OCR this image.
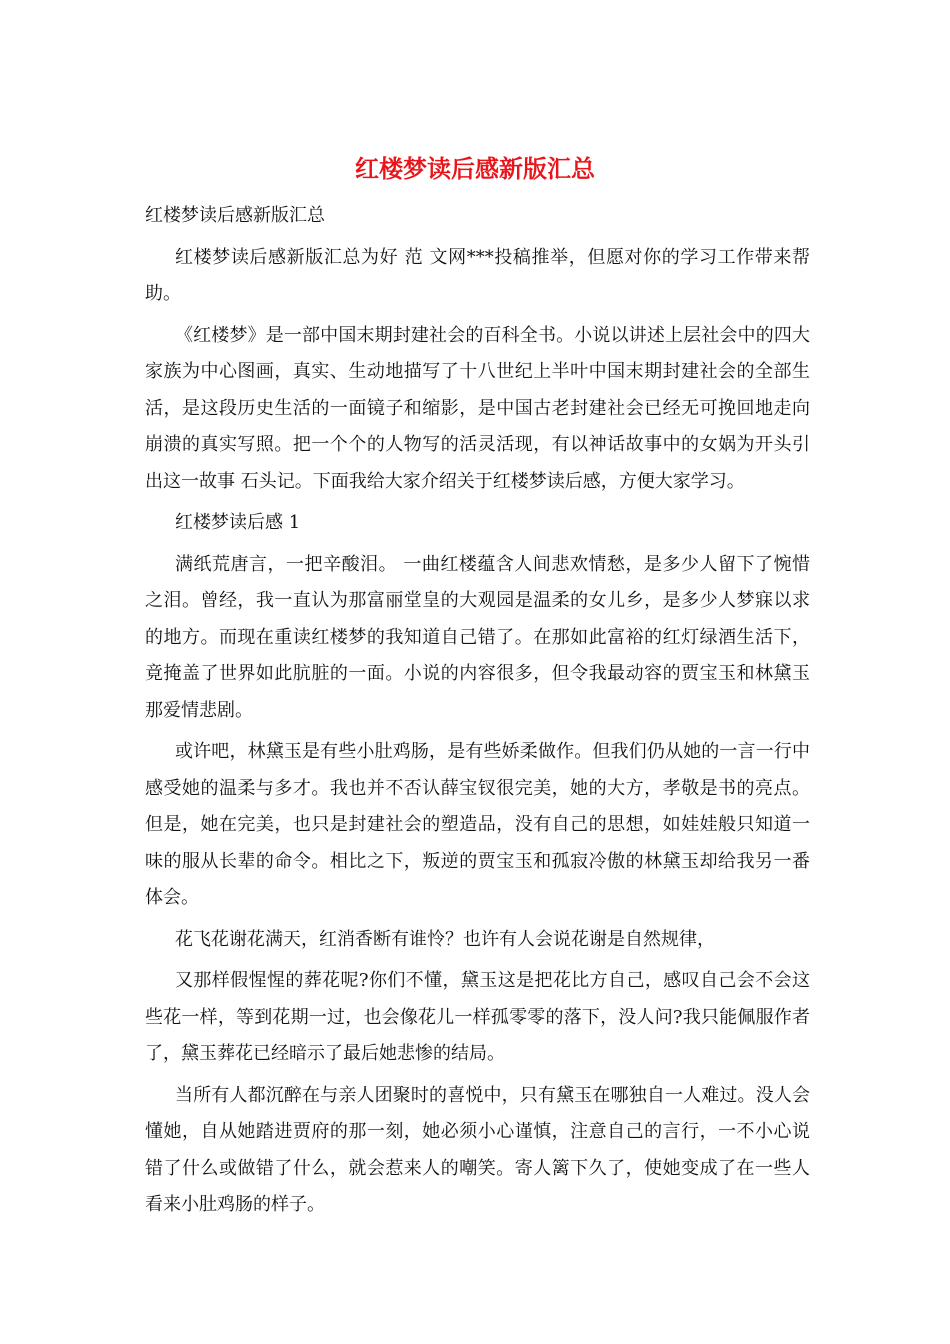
红楼梦读后感新版汇总

红楼梦读后感新版汇总

红楼梦读后感新版汇总为好 范 文网***投稿推举，但愿对你的学习工作带来帮助。

《红楼梦》是一部中国末期封建社会的百科全书。小说以讲述上层社会中的四大家族为中心图画，真实、生动地描写了十八世纪上半叶中国末期封建社会的全部生活，是这段历史生活的一面镜子和缩影，是中国古老封建社会已经无可挽回地走向崩溃的真实写照。把一个个的人物写的活灵活现，有以神话故事中的女娲为开头引出这一故事 石头记。下面我给大家介绍关于红楼梦读后感，方便大家学习。

红楼梦读后感 1

满纸荒唐言，一把辛酸泪。 一曲红楼蕴含人间悲欢情愁，是多少人留下了惋惜之泪。曾经，我一直认为那富丽堂皇的大观园是温柔的女儿乡，是多少人梦寐以求的地方。而现在重读红楼梦的我知道自己错了。在那如此富裕的红灯绿酒生活下，竟掩盖了世界如此肮脏的一面。小说的内容很多，但令我最动容的贾宝玉和林黛玉那爱情悲剧。

或许吧，林黛玉是有些小肚鸡肠，是有些娇柔做作。但我们仍从她的一言一行中感受她的温柔与多才。我也并不否认薛宝钗很完美，她的大方，孝敬是书的亮点。但是，她在完美，也只是封建社会的塑造品，没有自己的思想，如娃娃般只知道一味的服从长辈的命令。相比之下，叛逆的贾宝玉和孤寂冷傲的林黛玉却给我另一番体会。

花飞花谢花满天，红消香断有谁怜？也许有人会说花谢是自然规律，

又那样假惺惺的葬花呢?你们不懂，黛玉这是把花比方自己，感叹自己会不会这些花一样，等到花期一过，也会像花儿一样孤零零的落下，没人问?我只能佩服作者了，黛玉葬花已经暗示了最后她悲惨的结局。

当所有人都沉醉在与亲人团聚时的喜悦中，只有黛玉在哪独自一人难过。没人会懂她，自从她踏进贾府的那一刻，她必须小心谨慎，注意自己的言行，一不小心说错了什么或做错了什么，就会惹来人的嘲笑。寄人篱下久了，使她变成了在一些人看来小肚鸡肠的样子。
